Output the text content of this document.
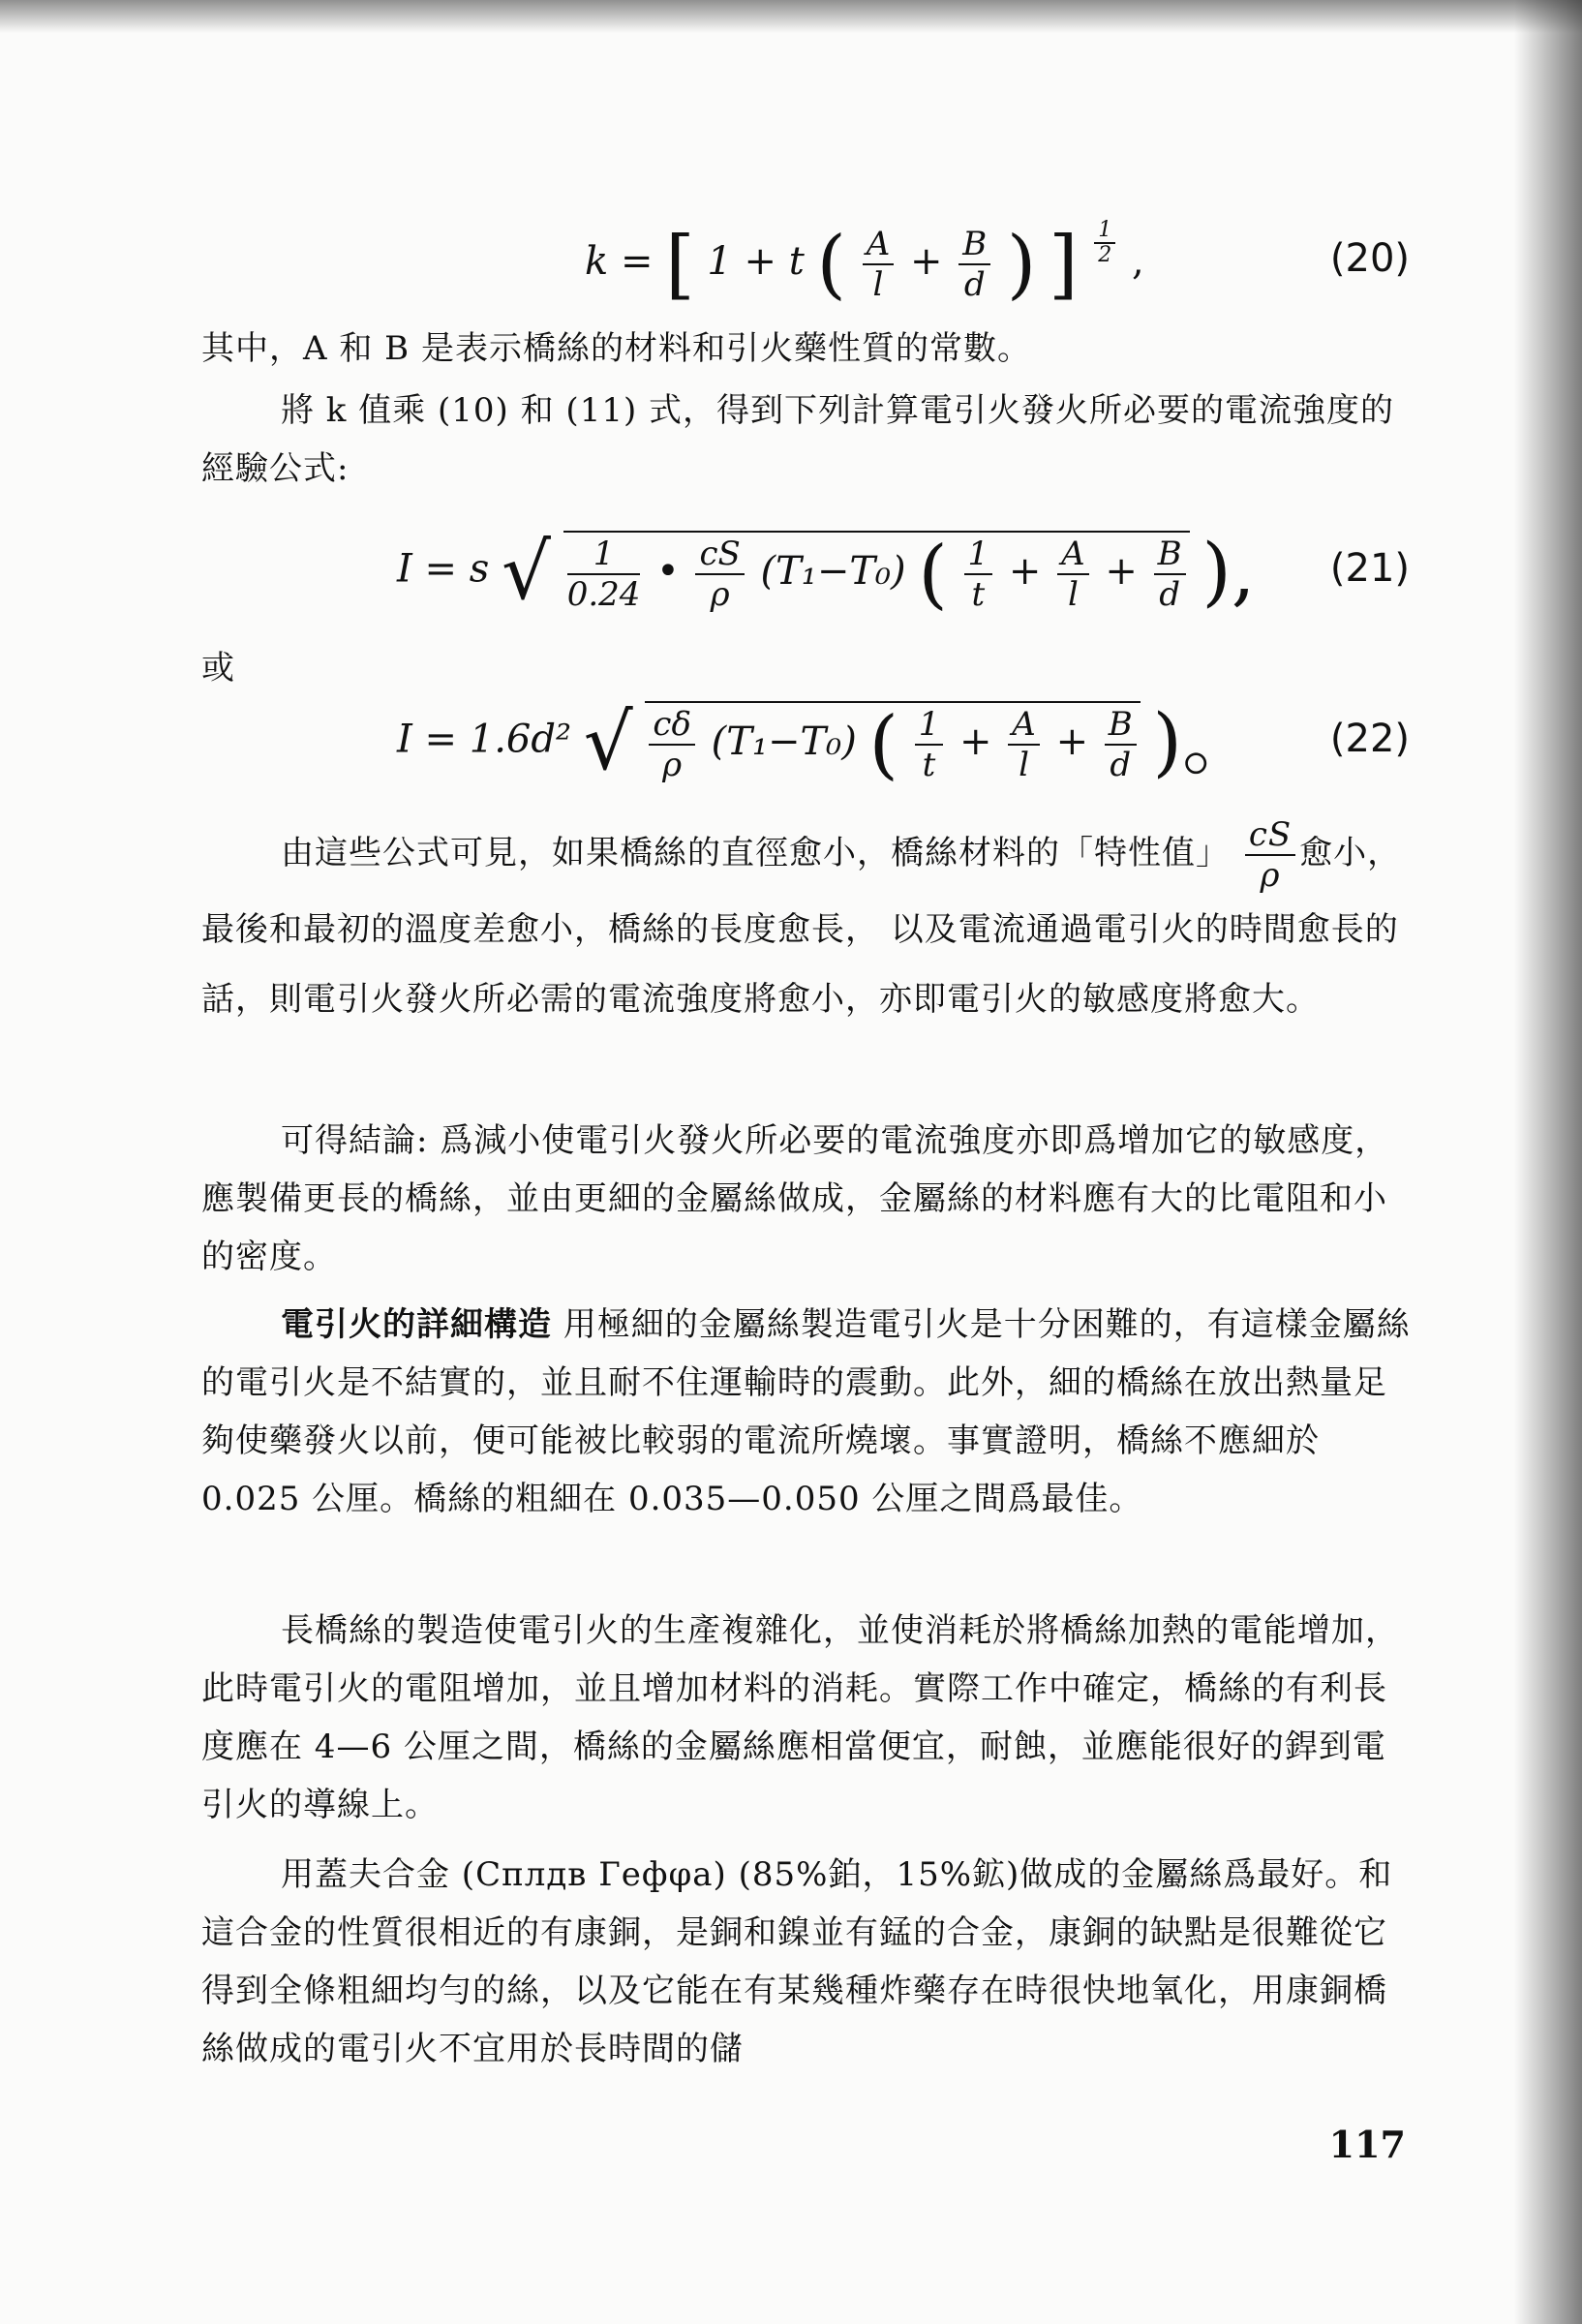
k = [ 1 + t ( $\frac{A}{l} + \frac{B}{d}$ ) ] $\frac{1}{2}$ ,	(20)
其中，A 和 B 是表示橋絲的材料和引火藥性質的常數。
將 k 值乘 (10) 和 (11) 式，得到下列計算電引火發火所必要的電流強度的經驗公式:
I = s √ $\frac{1}{0.24}$ • $\frac{cS}{\rho} (T_1-T_0)$ ( $\frac{1}{t} + \frac{A}{l} + \frac{B}{d}$ ), (21)
或
I = 1.6d² √ $\frac{c\delta}{\rho} (T_1-T_0)$ ( $\frac{1}{t} + \frac{A}{l} + \frac{B}{d}$ )。 (22)
由這些公式可見，如果橋絲的直徑愈小，橋絲材料的「特性值」 $\frac{cS}{\rho}$ 愈小，最後和最初的溫度差愈小，橋絲的長度愈長， 以及電流通過電引火的時間愈長的話，則電引火發火所必需的電流強度將愈小，亦即電引火的敏感度將愈大。
可得結論: 爲減小使電引火發火所必要的電流強度亦即爲增加它的敏感度，應製備更長的橋絲，並由更細的金屬絲做成，金屬絲的材料應有大的比電阻和小的密度。
電引火的詳細構造 用極細的金屬絲製造電引火是十分困難的，有這樣金屬絲的電引火是不結實的，並且耐不住運輸時的震動。此外，細的橋絲在放出熱量足夠使藥發火以前，便可能被比較弱的電流所燒壞。事實證明，橋絲不應細於 0.025 公厘。橋絲的粗細在 0.035—0.050 公厘之間爲最佳。
長橋絲的製造使電引火的生產複雜化，並使消耗於將橋絲加熱的電能增加，此時電引火的電阻增加，並且增加材料的消耗。實際工作中確定，橋絲的有利長度應在 4—6 公厘之間，橋絲的金屬絲應相當便宜，耐蝕，並應能很好的銲到電引火的導線上。
用蓋夫合金 (Сплдв Гефφа) (85%鉑，15%鉱)做成的金屬絲爲最好。和這合金的性質很相近的有康銅，是銅和鎳並有錳的合金，康銅的缺點是很難從它得到全條粗細均勻的絲，以及它能在有某幾種炸藥存在時很快地氧化，用康銅橋絲做成的電引火不宜用於長時間的儲
117
